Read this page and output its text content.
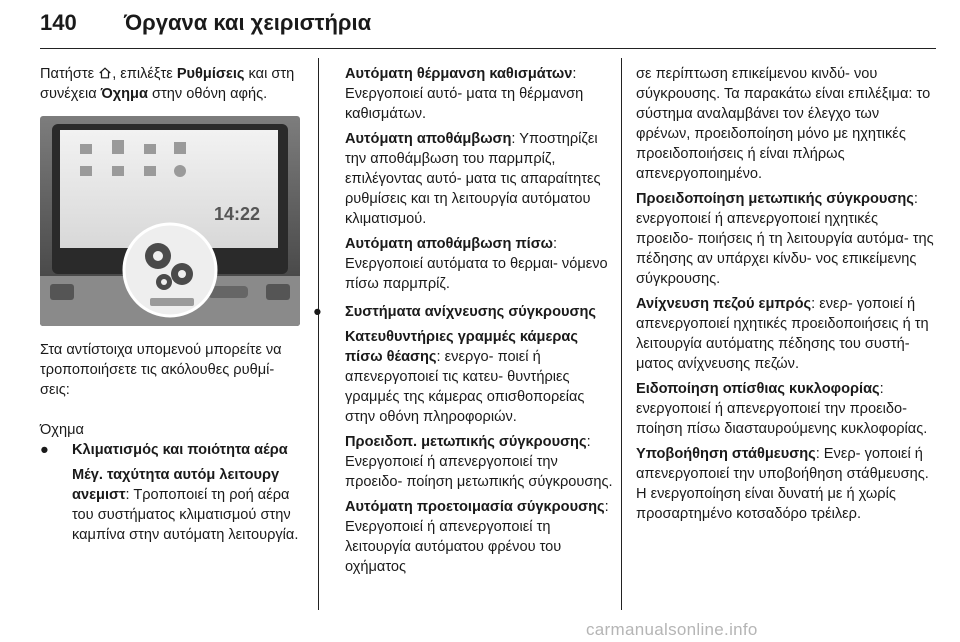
140 Όργανα και χειριστήρια

Πατήστε , επιλέξτε Ρυθμίσεις και στη συνέχεια Όχημα στην οθόνη αφής.

14:22

Στα αντίστοιχα υπομενού μπορείτε να τροποποιήσετε τις ακόλουθες ρυθμί- σεις:

Όχημα

● Κλιματισμός και ποιότητα αέρα

Μέγ. ταχύτητα αυτόμ λειτουργ ανεμιστ: Τροποποιεί τη ροή αέρα του συστήματος κλιματισμού στην καμπίνα στην αυτόματη λειτουργία.

Αυτόματη θέρμανση καθισμάτων: Ενεργοποιεί αυτό- ματα τη θέρμανση καθισμάτων.

Αυτόματη αποθάμβωση: Υποστηρίζει την αποθάμβωση του παρμπρίζ, επιλέγοντας αυτό- ματα τις απαραίτητες ρυθμίσεις και τη λειτουργία αυτόματου κλιματισμού.

Αυτόματη αποθάμβωση πίσω: Ενεργοποιεί αυτόματα το θερμαι- νόμενο πίσω παρμπρίζ.

● Συστήματα ανίχνευσης σύγκρουσης

Κατευθυντήριες γραμμές κάμερας πίσω θέασης: ενεργο- ποιεί ή απενεργοποιεί τις κατευ- θυντήριες γραμμές της κάμερας οπισθοπορείας στην οθόνη πληροφοριών.

Προειδοπ. μετωπικής σύγκρουσης: Ενεργοποιεί ή απενεργοποιεί την προειδο- ποίηση μετωπικής σύγκρουσης.

Αυτόματη προετοιμασία σύγκρουσης: Ενεργοποιεί ή απενεργοποιεί τη λειτουργία αυτόματου φρένου του οχήματος

σε περίπτωση επικείμενου κινδύ- νου σύγκρουσης. Τα παρακάτω είναι επιλέξιμα: το σύστημα αναλαμβάνει τον έλεγχο των φρένων, προειδοποίηση μόνο με ηχητικές προειδοποιήσεις ή είναι πλήρως απενεργοποιημένο.

Προειδοποίηση μετωπικής σύγκρουσης: ενεργοποιεί ή απενεργοποιεί ηχητικές προειδο- ποιήσεις ή τη λειτουργία αυτόμα- της πέδησης αν υπάρχει κίνδυ- νος επικείμενης σύγκρουσης.

Ανίχνευση πεζού εμπρός: ενερ- γοποιεί ή απενεργοποιεί ηχητικές προειδοποιήσεις ή τη λειτουργία αυτόματης πέδησης του συστή- ματος ανίχνευσης πεζών.

Ειδοποίηση οπίσθιας κυκλοφορίας: ενεργοποιεί ή απενεργοποιεί την προειδο- ποίηση πίσω διασταυρούμενης κυκλοφορίας.

Υποβοήθηση στάθμευσης: Ενερ- γοποιεί ή απενεργοποιεί την υποβοήθηση στάθμευσης. Η ενεργοποίηση είναι δυνατή με ή χωρίς προσαρτημένο κοτσαδόρο τρέιλερ.

carmanualsonline.info
